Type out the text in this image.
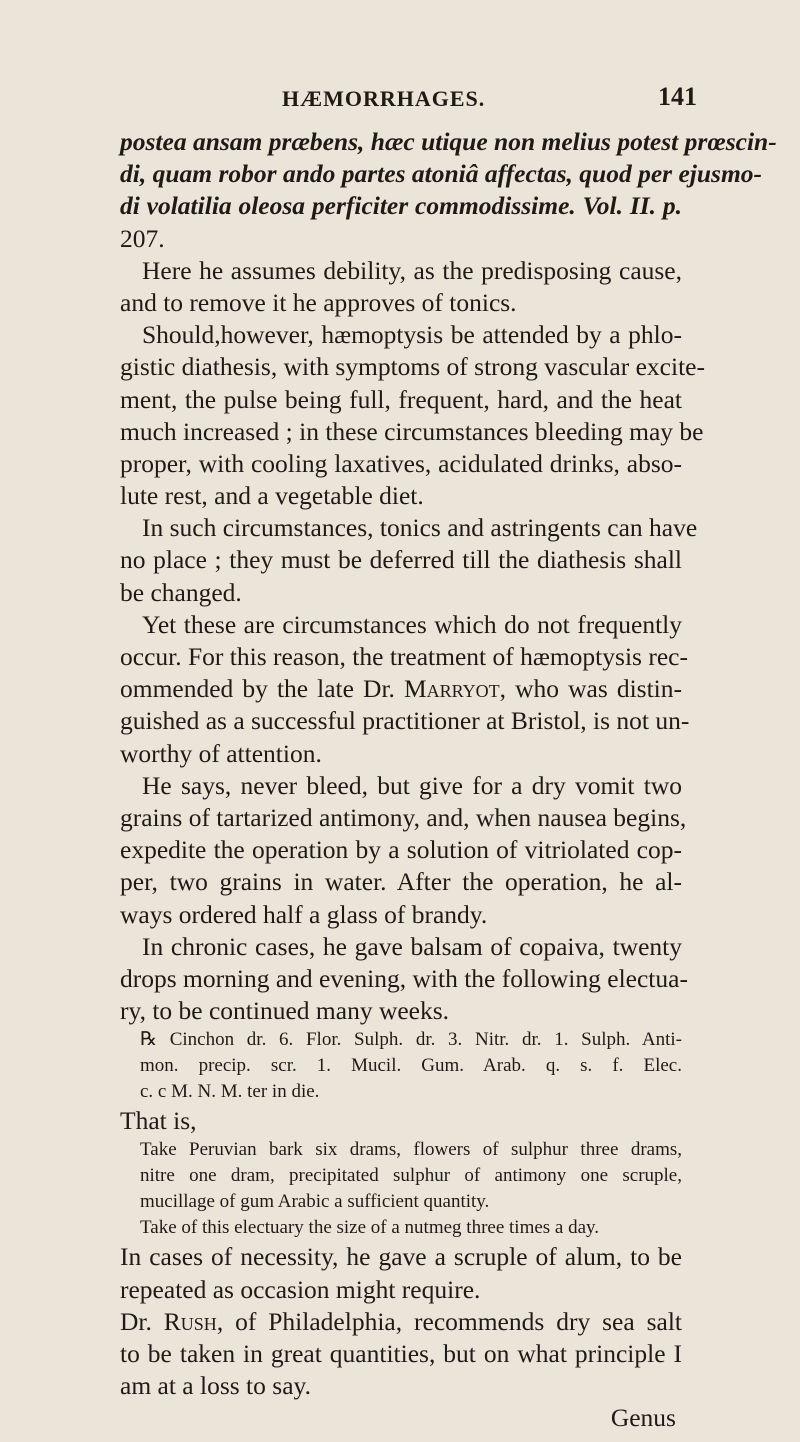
HÆMORRHAGES.	141
postea ansam præbens, hæc utique non melius potest prœscin-
di, quam robor ando partes atoniâ affectas, quod per ejusmo-
di volatilia oleosa perficiter commodissime. Vol. II. p.
207.
Here he assumes debility, as the predisposing cause,
and to remove it he approves of tonics.
Should,however, hæmoptysis be attended by a phlo-
gistic diathesis, with symptoms of strong vascular excite-
ment, the pulse being full, frequent, hard, and the heat
much increased ; in these circumstances bleeding may be
proper, with cooling laxatives, acidulated drinks, abso-
lute rest, and a vegetable diet.
In such circumstances, tonics and astringents can have
no place ; they must be deferred till the diathesis shall
be changed.
Yet these are circumstances which do not frequently
occur. For this reason, the treatment of hæmoptysis rec-
ommended by the late Dr. Marryot, who was distin-
guished as a successful practitioner at Bristol, is not un-
worthy of attention.
He says, never bleed, but give for a dry vomit two
grains of tartarized antimony, and, when nausea begins,
expedite the operation by a solution of vitriolated cop-
per, two grains in water. After the operation, he al-
ways ordered half a glass of brandy.
In chronic cases, he gave balsam of copaiva, twenty
drops morning and evening, with the following electua-
ry, to be continued many weeks.
℞ Cinchon dr. 6. Flor. Sulph. dr. 3. Nitr. dr. 1. Sulph. Anti-
mon. precip. scr. 1. Mucil. Gum. Arab. q. s. f. Elec.
c. c M. N. M. ter in die.
That is,
Take Peruvian bark six drams, flowers of sulphur three drams,
nitre one dram, precipitated sulphur of antimony one scruple,
mucillage of gum Arabic a sufficient quantity.
Take of this electuary the size of a nutmeg three times a day.
In cases of necessity, he gave a scruple of alum, to be
repeated as occasion might require.
Dr. Rush, of Philadelphia, recommends dry sea salt
to be taken in great quantities, but on what principle I
am at a loss to say.
Genus
